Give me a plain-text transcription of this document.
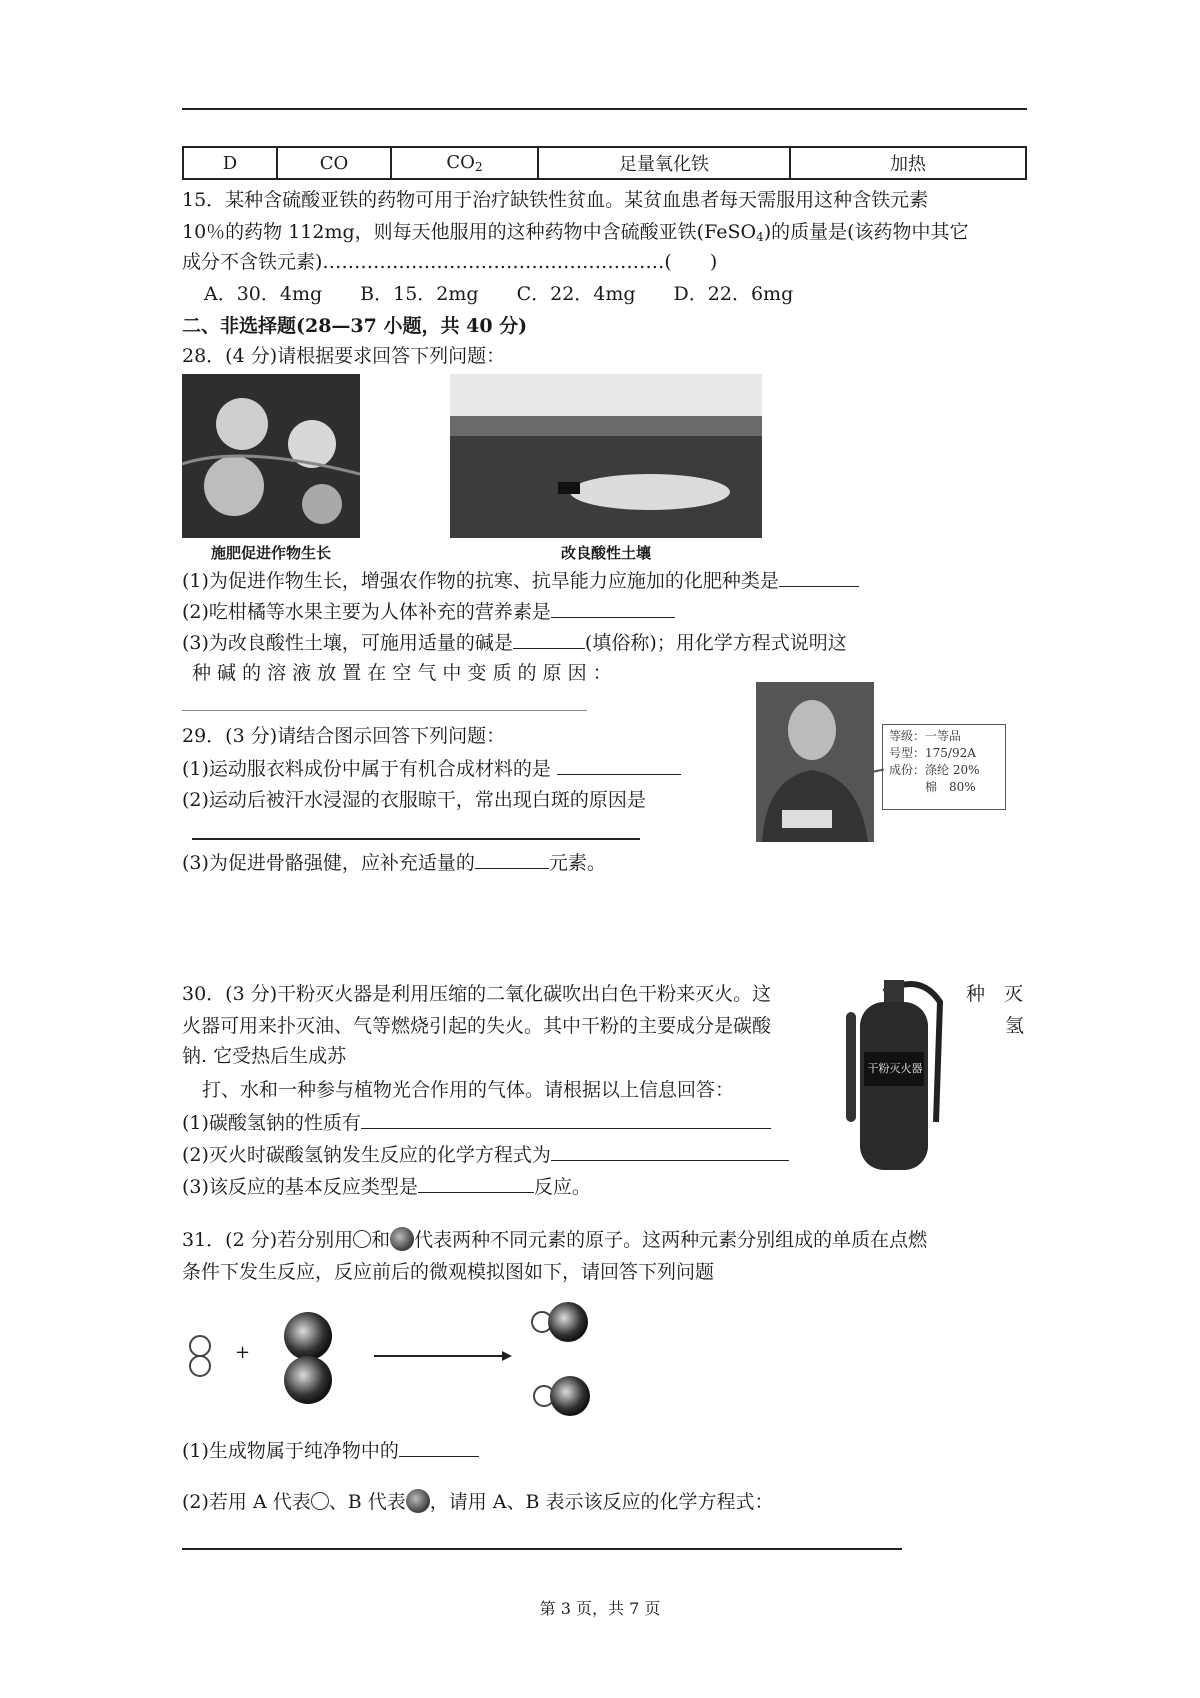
D	CO	$CO_2$	足量氧化铁	加热
15．某种含硫酸亚铁的药物可用于治疗缺铁性贫血。某贫血患者每天需服用这种含铁元素
10％的药物 112mg，则每天他服用的这种药物中含硫酸亚铁(FeSO$_4$)的质量是(该药物中其它
成分不含铁元素)………………………………………………(　　)
A．30．4mg　　B．15．2mg　　C．22．4mg　　D．22．6mg
二、非选择题(28—37 小题，共 40 分)
28．(4 分)请根据要求回答下列问题：
施肥促进作物生长	改良酸性土壤
(1)为促进作物生长，增强农作物的抗寒、抗旱能力应施加的化肥种类是
(2)吃柑橘等水果主要为人体补充的营养素是
(3)为改良酸性土壤，可施用适量的碱是	(填俗称)；用化学方程式说明这
种 碱 的 溶 液 放 置 在 空 气 中 变 质 的 原 因 ：
29．(3 分)请结合图示回答下列问题：
(1)运动服衣料成份中属于有机合成材料的是
(2)运动后被汗水浸湿的衣服晾干，常出现白斑的原因是
(3)为促进骨骼强健，应补充适量的	元素。
等级：一等品
号型：175/92A
成份：涤纶 20%
棉　80%
30．(3 分)干粉灭火器是利用压缩的二氧化碳吹出白色干粉来灭火。这	种　灭
火器可用来扑灭油、气等燃烧引起的失火。其中干粉的主要成分是碳酸	氢
钠. 它受热后生成苏
打、水和一种参与植物光合作用的气体。请根据以上信息回答：
(1)碳酸氢钠的性质有
(2)灭火时碳酸氢钠发生反应的化学方程式为
(3)该反应的基本反应类型是	反应。
干粉灭火器
31．(2 分)若分别用 和 代表两种不同元素的原子。这两种元素分别组成的单质在点燃
条件下发生反应，反应前后的微观模拟图如下，请回答下列问题
+
(1)生成物属于纯净物中的
(2)若用 A 代表 、B 代表 ，请用 A、B 表示该反应的化学方程式：
第 3 页，共 7 页
